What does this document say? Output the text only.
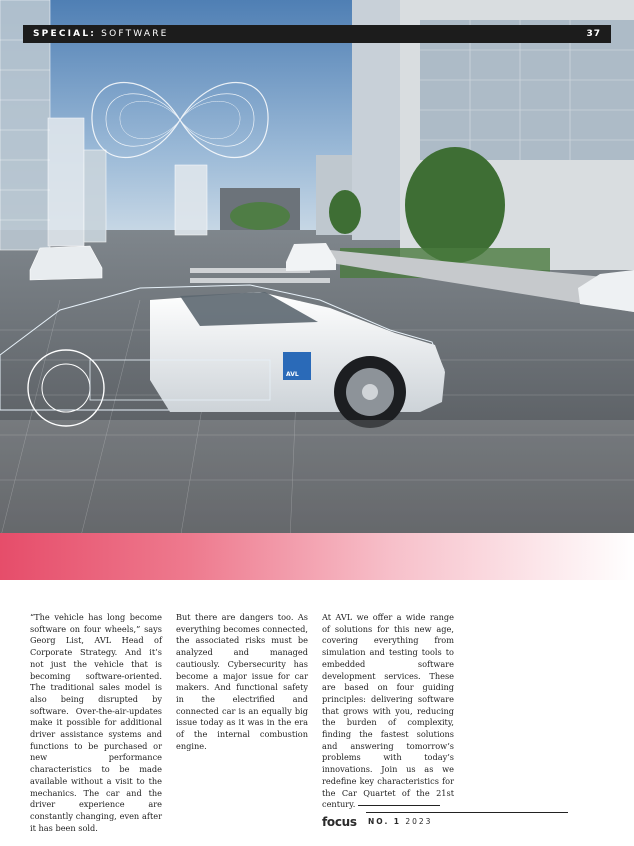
AVL
SPECIAL: SOFTWARE	37

“The vehicle has long become software on four wheels,” says Georg List, AVL Head of Corporate Strategy. And it’s not just the vehicle that is becoming software-oriented. The traditional sales model is also being disrupted by software. Over-the-air-updates make it possible for additional driver assistance systems and functions to be purchased or new performance characteristics to be made available without a visit to the mechanics. The car and the driver experience are constantly changing, even after it has been sold.

But there are dangers too. As everything becomes connected, the associated risks must be analyzed and managed cautiously. Cybersecurity has become a major issue for car makers. And functional safety in the electrified and connected car is an equally big issue today as it was in the era of the internal combustion engine.

At AVL we offer a wide range of solutions for this new age, covering everything from simulation and testing tools to embedded software development services. These are based on four guiding principles: delivering software that grows with you, reducing the burden of complexity, finding the fastest solutions and answering tomorrow’s problems with today’s innovations. Join us as we redefine key characteristics for the Car Quartet of the 21st century.

focus NO. 1 2023
